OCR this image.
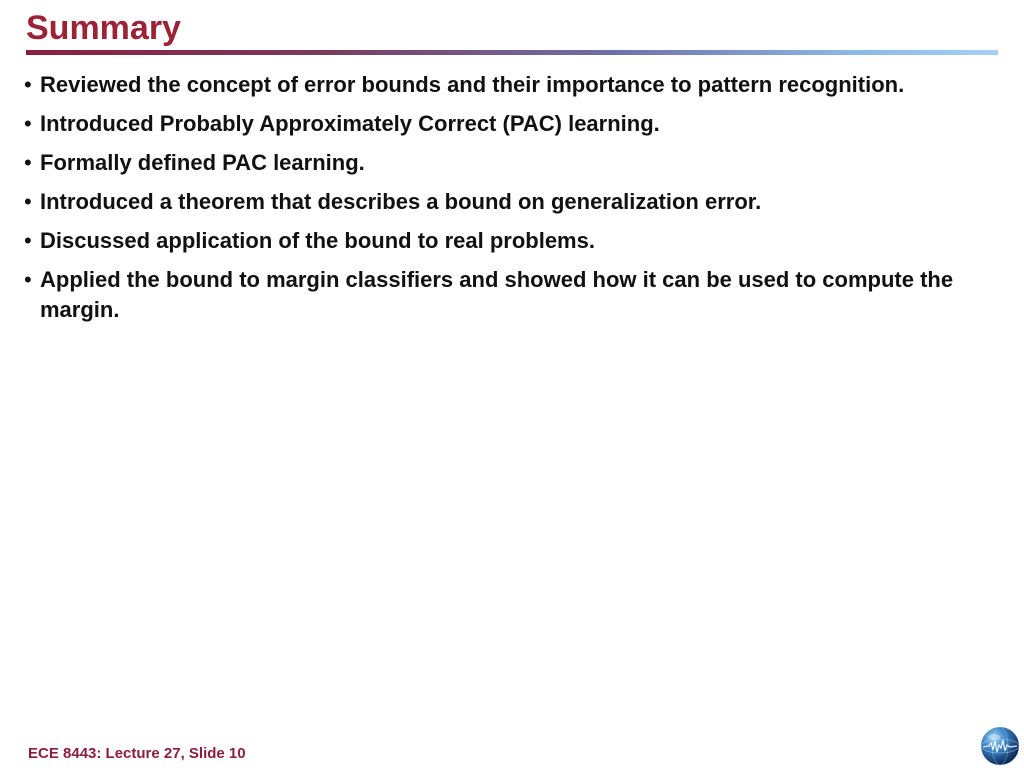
Summary
• Reviewed the concept of error bounds and their importance to pattern recognition.
• Introduced Probably Approximately Correct (PAC) learning.
• Formally defined PAC learning.
• Introduced a theorem that describes a bound on generalization error.
• Discussed application of the bound to real problems.
• Applied the bound to margin classifiers and showed how it can be used to compute the margin.
ECE 8443: Lecture 27, Slide 10
